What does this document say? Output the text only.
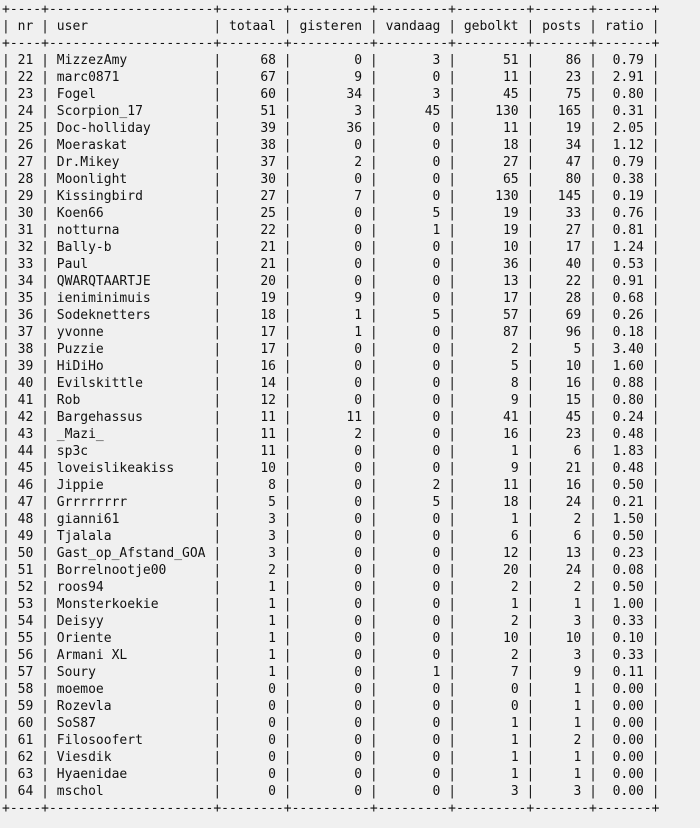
+----+---------------------+--------+----------+---------+---------+-------+-------+
| nr | user	| totaal | gisteren | vandaag | gebolkt | posts | ratio |
+----+---------------------+--------+----------+---------+---------+-------+-------+
| 21 | MizzezAmy	|	68 |	0 |	3 |	51 | 86 | 0.79 |
| 22 | marc0871	|	67 |	9 |	0 |	11 | 23 | 2.91 |
| 23 | Fogel	|	60 |	34 |	3 |	45 | 75 | 0.80 |
| 24 | Scorpion_17	|	51 |	3 |	45 |	130 | 165 | 0.31 |
| 25 | Doc-holliday	|	39 |	36 |	0 |	11 | 19 | 2.05 |
| 26 | Moeraskat	|	38 |	0 |	0 |	18 | 34 | 1.12 |
| 27 | Dr.Mikey	|	37 |	2 |	0 |	27 | 47 | 0.79 |
| 28 | Moonlight	|	30 |	0 |	0 |	65 | 80 | 0.38 |
| 29 | Kissingbird	|	27 |	7 |	0 |	130 | 145 | 0.19 |
| 30 | Koen66	|	25 |	0 |	5 |	19 | 33 | 0.76 |
| 31 | notturna	|	22 |	0 |	1 |	19 | 27 | 0.81 |
| 32 | Bally-b	|	21 |	0 |	0 |	10 | 17 | 1.24 |
| 33 | Paul	|	21 |	0 |	0 |	36 | 40 | 0.53 |
| 34 | QWARQTAARTJE	|	20 |	0 |	0 |	13 | 22 | 0.91 |
| 35 | ieniminimuis	|	19 |	9 |	0 |	17 | 28 | 0.68 |
| 36 | Sodeknetters	|	18 |	1 |	5 |	57 | 69 | 0.26 |
| 37 | yvonne	|	17 |	1 |	0 |	87 | 96 | 0.18 |
| 38 | Puzzie	|	17 |	0 |	0 |	2 |	5 | 3.40 |
| 39 | HiDiHo	|	16 |	0 |	0 |	5 | 10 | 1.60 |
| 40 | Evilskittle	|	14 |	0 |	0 |	8 | 16 | 0.88 |
| 41 | Rob	|	12 |	0 |	0 |	9 | 15 | 0.80 |
| 42 | Bargehassus	|	11 |	11 |	0 |	41 | 45 | 0.24 |
| 43 | _Mazi_	|	11 |	2 |	0 |	16 | 23 | 0.48 |
| 44 | sp3c	|	11 |	0 |	0 |	1 |	6 | 1.83 |
| 45 | loveislikeakiss	|	10 |	0 |	0 |	9 | 21 | 0.48 |
| 46 | Jippie	|	8 |	0 |	2 |	11 | 16 | 0.50 |
| 47 | Grrrrrrrr	|	5 |	0 |	5 |	18 | 24 | 0.21 |
| 48 | gianni61	|	3 |	0 |	0 |	1 |	2 | 1.50 |
| 49 | Tjalala	|	3 |	0 |	0 |	6 |	6 | 0.50 |
| 50 | Gast_op_Afstand_GOA |	3 |	0 |	0 |	12 | 13 | 0.23 |
| 51 | Borrelnootje00	|	2 |	0 |	0 |	20 | 24 | 0.08 |
| 52 | roos94	|	1 |	0 |	0 |	2 |	2 | 0.50 |
| 53 | Monsterkoekie	|	1 |	0 |	0 |	1 |	1 | 1.00 |
| 54 | Deisyy	|	1 |	0 |	0 |	2 |	3 | 0.33 |
| 55 | Oriente	|	1 |	0 |	0 |	10 | 10 | 0.10 |
| 56 | Armani XL	|	1 |	0 |	0 |	2 |	3 | 0.33 |
| 57 | Soury	|	1 |	0 |	1 |	7 |	9 | 0.11 |
| 58 | moemoe	|	0 |	0 |	0 |	0 |	1 | 0.00 |
| 59 | Rozevla	|	0 |	0 |	0 |	0 |	1 | 0.00 |
| 60 | SoS87	|	0 |	0 |	0 |	1 |	1 | 0.00 |
| 61 | Filosoofert	|	0 |	0 |	0 |	1 |	2 | 0.00 |
| 62 | Viesdik	|	0 |	0 |	0 |	1 |	1 | 0.00 |
| 63 | Hyaenidae	|	0 |	0 |	0 |	1 |	1 | 0.00 |
| 64 | mschol	|	0 |	0 |	0 |	3 |	3 | 0.00 |
+----+---------------------+--------+----------+---------+---------+-------+-------+
